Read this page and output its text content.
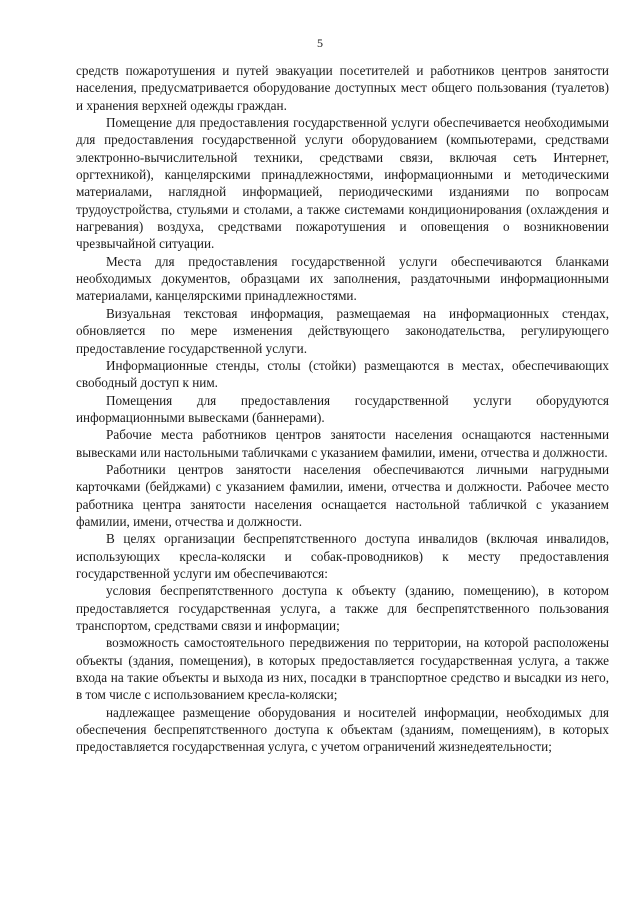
5

средств пожаротушения и путей эвакуации посетителей и работников центров занятости населения, предусматривается оборудование доступных мест общего пользования (туалетов) и хранения верхней одежды граждан.

Помещение для предоставления государственной услуги обеспечивается необходимыми для предоставления государственной услуги оборудованием (компьютерами, средствами электронно-вычислительной техники, средствами связи, включая сеть Интернет, оргтехникой), канцелярскими принадлежностями, информационными и методическими материалами, наглядной информацией, периодическими изданиями по вопросам трудоустройства, стульями и столами, а также системами кондиционирования (охлаждения и нагревания) воздуха, средствами пожаротушения и оповещения о возникновении чрезвычайной ситуации.

Места для предоставления государственной услуги обеспечиваются бланками необходимых документов, образцами их заполнения, раздаточными информационными материалами, канцелярскими принадлежностями.

Визуальная текстовая информация, размещаемая на информационных стендах, обновляется по мере изменения действующего законодательства, регулирующего предоставление государственной услуги.

Информационные стенды, столы (стойки) размещаются в местах, обеспечивающих свободный доступ к ним.

Помещения для предоставления государственной услуги оборудуются информационными вывесками (баннерами).

Рабочие места работников центров занятости населения оснащаются настенными вывесками или настольными табличками с указанием фамилии, имени, отчества и должности.

Работники центров занятости населения обеспечиваются личными нагрудными карточками (бейджами) с указанием фамилии, имени, отчества и должности. Рабочее место работника центра занятости населения оснащается настольной табличкой с указанием фамилии, имени, отчества и должности.

В целях организации беспрепятственного доступа инвалидов (включая инвалидов, использующих кресла-коляски и собак-проводников) к месту предоставления государственной услуги им обеспечиваются:

условия беспрепятственного доступа к объекту (зданию, помещению), в котором предоставляется государственная услуга, а также для беспрепятственного пользования транспортом, средствами связи и информации;

возможность самостоятельного передвижения по территории, на которой расположены объекты (здания, помещения), в которых предоставляется государственная услуга, а также входа на такие объекты и выхода из них, посадки в транспортное средство и высадки из него, в том числе с использованием кресла-коляски;

надлежащее размещение оборудования и носителей информации, необходимых для обеспечения беспрепятственного доступа к объектам (зданиям, помещениям), в которых предоставляется государственная услуга, с учетом ограничений жизнедеятельности;
